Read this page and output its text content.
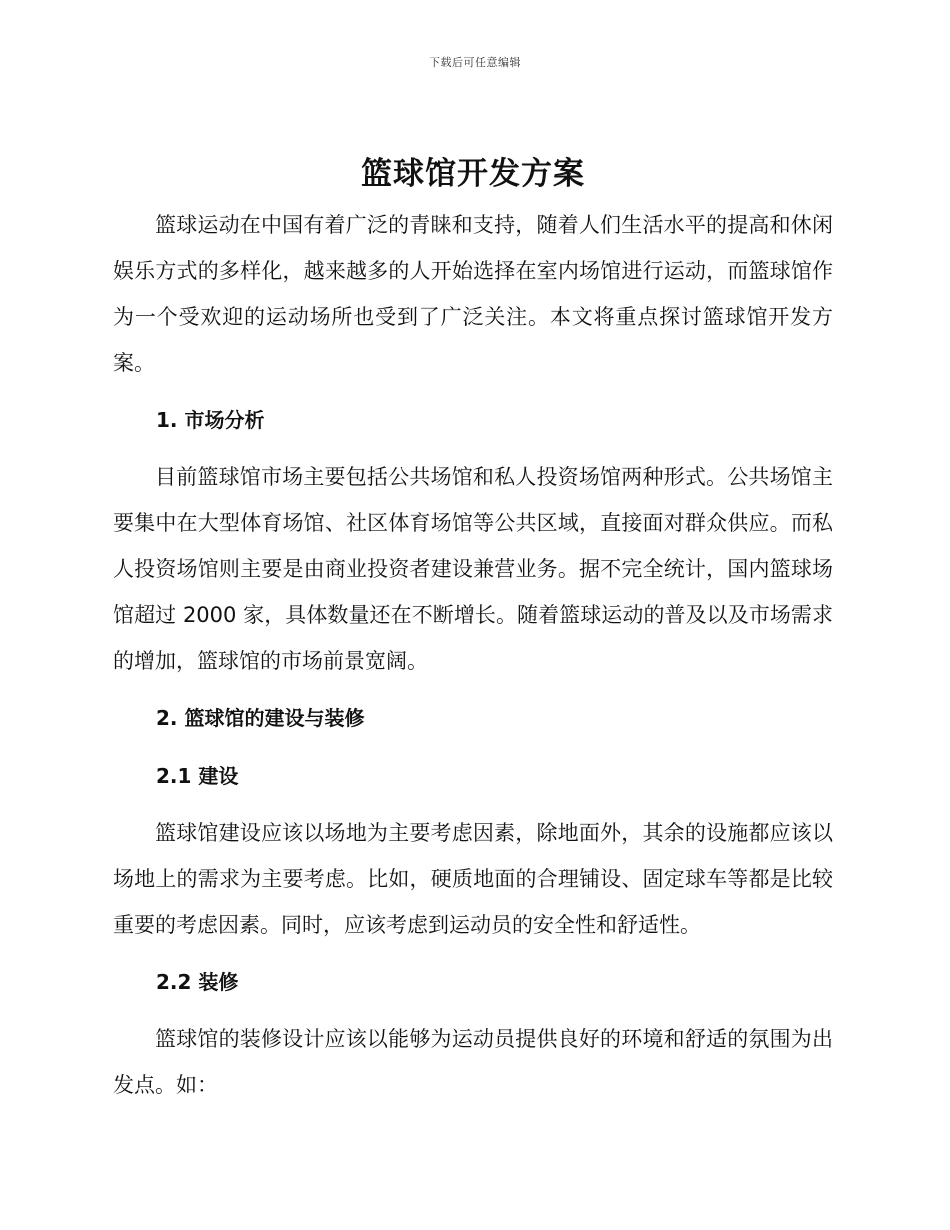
下载后可任意编辑
篮球馆开发方案

篮球运动在中国有着广泛的青睐和支持，随着人们生活水平的提高和休闲娱乐方式的多样化，越来越多的人开始选择在室内场馆进行运动，而篮球馆作为一个受欢迎的运动场所也受到了广泛关注。本文将重点探讨篮球馆开发方案。

1. 市场分析

目前篮球馆市场主要包括公共场馆和私人投资场馆两种形式。公共场馆主要集中在大型体育场馆、社区体育场馆等公共区域，直接面对群众供应。而私人投资场馆则主要是由商业投资者建设兼营业务。据不完全统计，国内篮球场馆超过 2000 家，具体数量还在不断增长。随着篮球运动的普及以及市场需求的增加，篮球馆的市场前景宽阔。

2. 篮球馆的建设与装修
2.1 建设

篮球馆建设应该以场地为主要考虑因素，除地面外，其余的设施都应该以场地上的需求为主要考虑。比如，硬质地面的合理铺设、固定球车等都是比较重要的考虑因素。同时，应该考虑到运动员的安全性和舒适性。

2.2 装修

篮球馆的装修设计应该以能够为运动员提供良好的环境和舒适的氛围为出发点。如：
